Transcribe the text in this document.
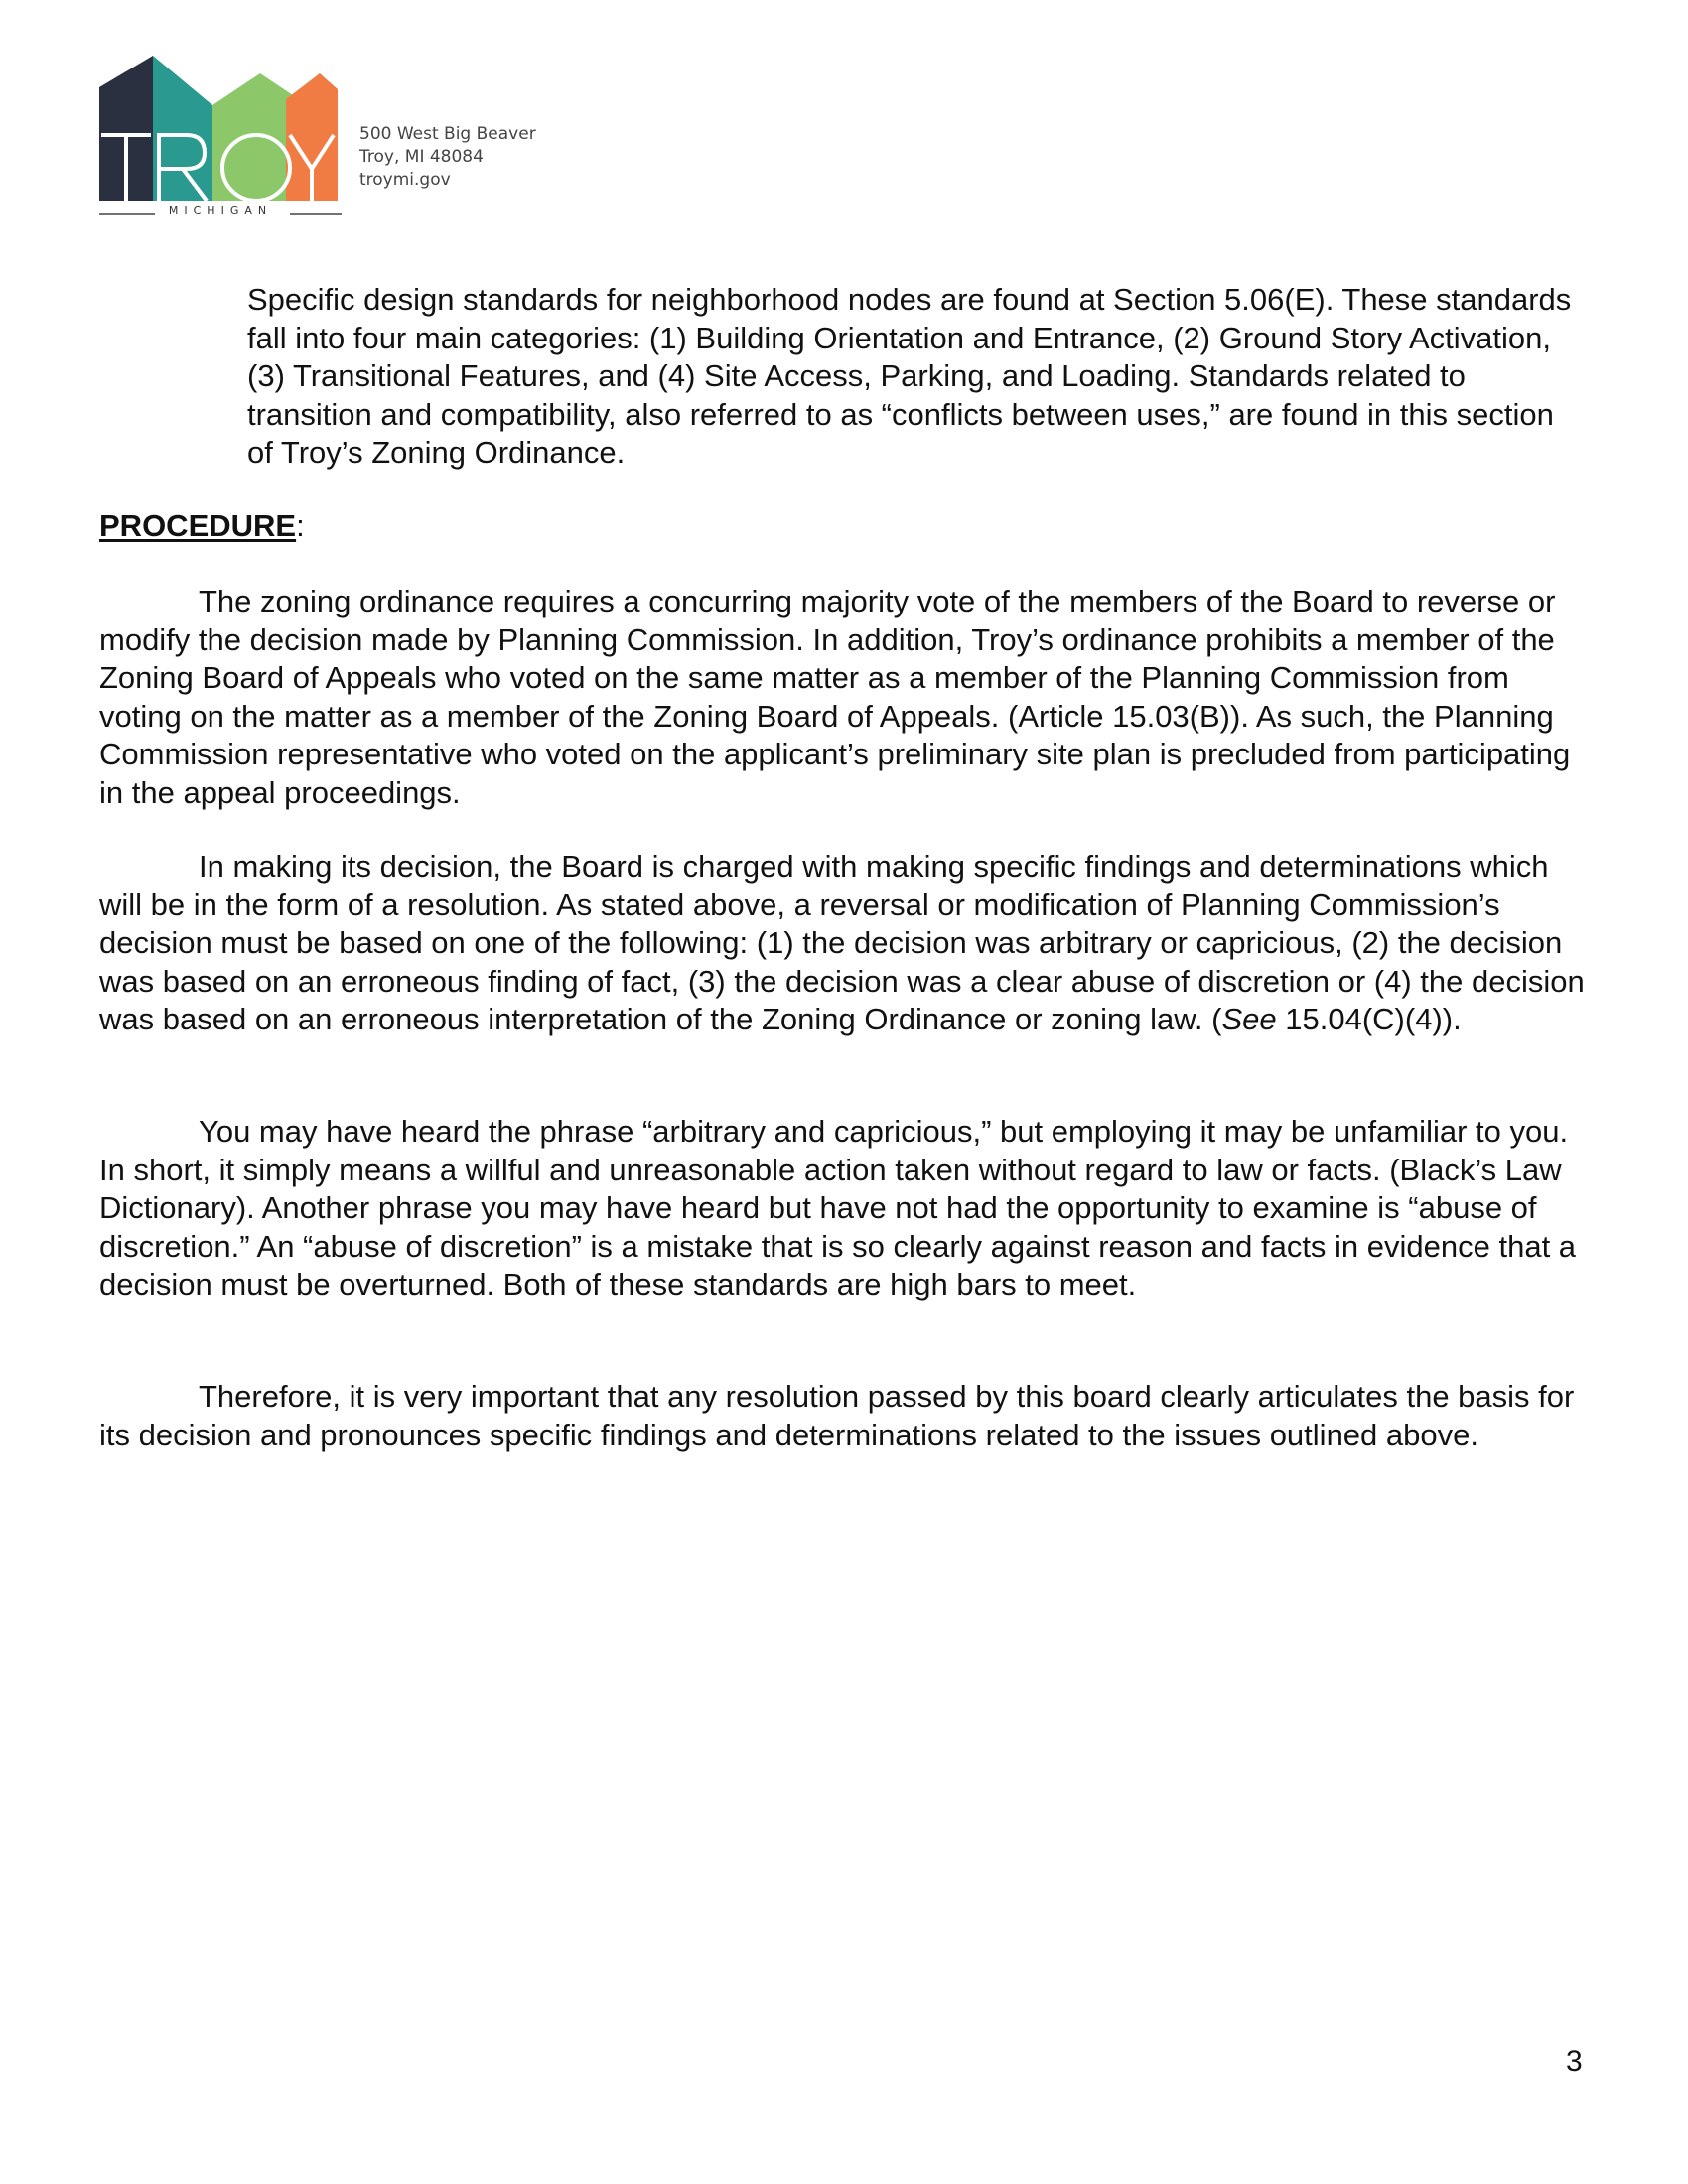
MICHIGAN
500 West Big Beaver
Troy, MI 48084
troymi.gov

Specific design standards for neighborhood nodes are found at Section 5.06(E). These standards fall into four main categories: (1) Building Orientation and Entrance, (2) Ground Story Activation, (3) Transitional Features, and (4) Site Access, Parking, and Loading. Standards related to transition and compatibility, also referred to as “conflicts between uses,” are found in this section of Troy’s Zoning Ordinance.

PROCEDURE:

The zoning ordinance requires a concurring majority vote of the members of the Board to reverse or modify the decision made by Planning Commission. In addition, Troy’s ordinance prohibits a member of the Zoning Board of Appeals who voted on the same matter as a member of the Planning Commission from voting on the matter as a member of the Zoning Board of Appeals. (Article 15.03(B)). As such, the Planning Commission representative who voted on the applicant’s preliminary site plan is precluded from participating in the appeal proceedings.

In making its decision, the Board is charged with making specific findings and determinations which will be in the form of a resolution. As stated above, a reversal or modification of Planning Commission’s decision must be based on one of the following: (1) the decision was arbitrary or capricious, (2) the decision was based on an erroneous finding of fact, (3) the decision was a clear abuse of discretion or (4) the decision was based on an erroneous interpretation of the Zoning Ordinance or zoning law. (See 15.04(C)(4)).

You may have heard the phrase “arbitrary and capricious,” but employing it may be unfamiliar to you. In short, it simply means a willful and unreasonable action taken without regard to law or facts. (Black’s Law Dictionary). Another phrase you may have heard but have not had the opportunity to examine is “abuse of discretion.” An “abuse of discretion” is a mistake that is so clearly against reason and facts in evidence that a decision must be overturned. Both of these standards are high bars to meet.

Therefore, it is very important that any resolution passed by this board clearly articulates the basis for its decision and pronounces specific findings and determinations related to the issues outlined above.

3
